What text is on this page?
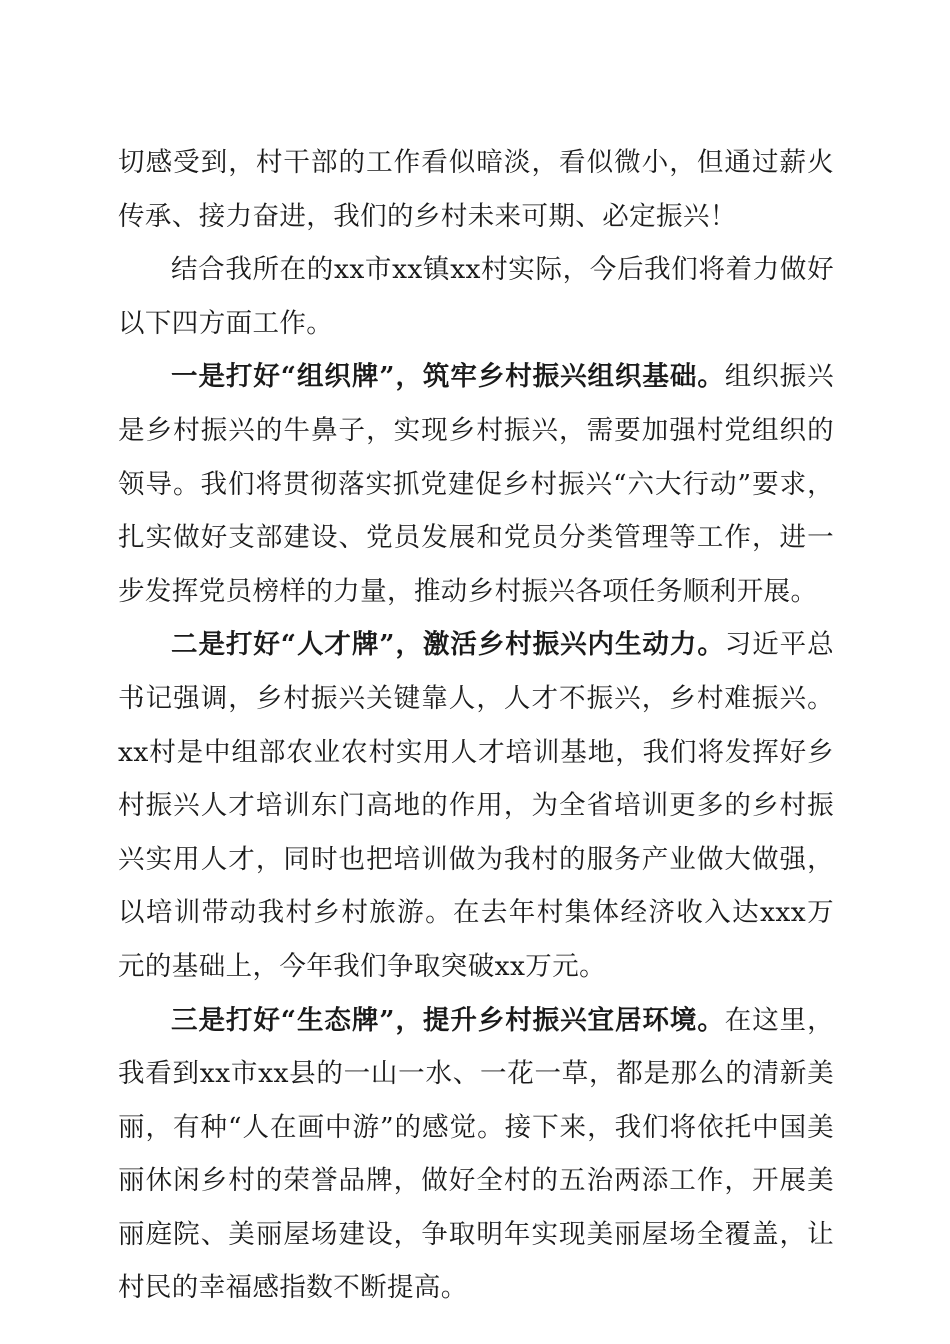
切感受到，村干部的工作看似暗淡，看似微小，但通过薪火传承、接力奋进，我们的乡村未来可期、必定振兴！

结合我所在的xx市xx镇xx村实际，今后我们将着力做好以下四方面工作。

一是打好“组织牌”，筑牢乡村振兴组织基础。组织振兴是乡村振兴的牛鼻子，实现乡村振兴，需要加强村党组织的领导。我们将贯彻落实抓党建促乡村振兴“六大行动”要求，扎实做好支部建设、党员发展和党员分类管理等工作，进一步发挥党员榜样的力量，推动乡村振兴各项任务顺利开展。

二是打好“人才牌”，激活乡村振兴内生动力。习近平总书记强调，乡村振兴关键靠人，人才不振兴，乡村难振兴。xx村是中组部农业农村实用人才培训基地，我们将发挥好乡村振兴人才培训东门高地的作用，为全省培训更多的乡村振兴实用人才，同时也把培训做为我村的服务产业做大做强，以培训带动我村乡村旅游。在去年村集体经济收入达xxx万元的基础上，今年我们争取突破xx万元。

三是打好“生态牌”，提升乡村振兴宜居环境。在这里，我看到xx市xx县的一山一水、一花一草，都是那么的清新美丽，有种“人在画中游”的感觉。接下来，我们将依托中国美丽休闲乡村的荣誉品牌，做好全村的五治两添工作，开展美丽庭院、美丽屋场建设，争取明年实现美丽屋场全覆盖，让村民的幸福感指数不断提高。
